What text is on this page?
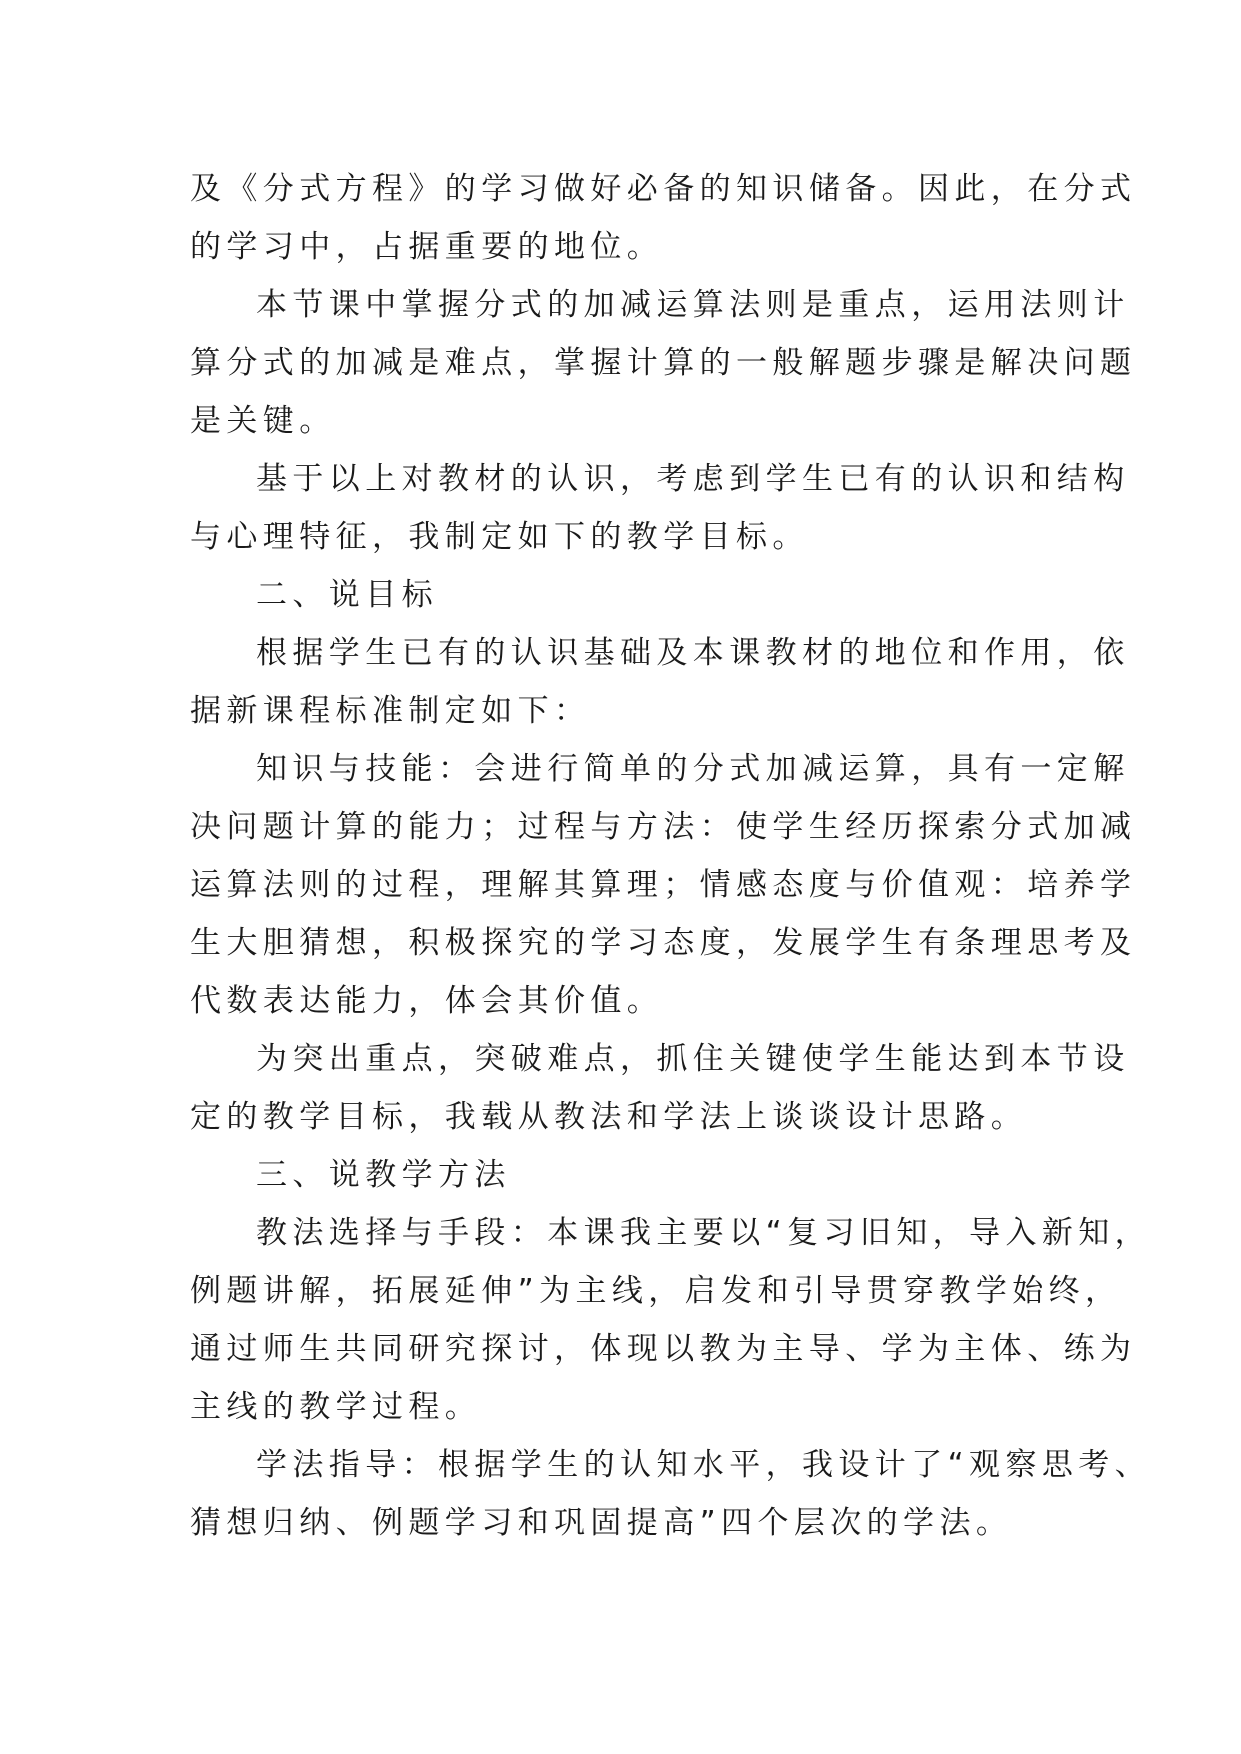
及《分式方程》的学习做好必备的知识储备。因此，在分式
的学习中，占据重要的地位。
本节课中掌握分式的加减运算法则是重点，运用法则计
算分式的加减是难点，掌握计算的一般解题步骤是解决问题
是关键。
基于以上对教材的认识，考虑到学生已有的认识和结构
与心理特征，我制定如下的教学目标。
二、说目标
根据学生已有的认识基础及本课教材的地位和作用，依
据新课程标准制定如下：
知识与技能：会进行简单的分式加减运算，具有一定解
决问题计算的能力；过程与方法：使学生经历探索分式加减
运算法则的过程，理解其算理；情感态度与价值观：培养学
生大胆猜想，积极探究的学习态度，发展学生有条理思考及
代数表达能力，体会其价值。
为突出重点，突破难点，抓住关键使学生能达到本节设
定的教学目标，我载从教法和学法上谈谈设计思路。
三、说教学方法
教法选择与手段：本课我主要以“复习旧知，导入新知，
例题讲解，拓展延伸”为主线，启发和引导贯穿教学始终，
通过师生共同研究探讨，体现以教为主导、学为主体、练为
主线的教学过程。
学法指导：根据学生的认知水平，我设计了“观察思考、
猜想归纳、例题学习和巩固提高”四个层次的学法。
